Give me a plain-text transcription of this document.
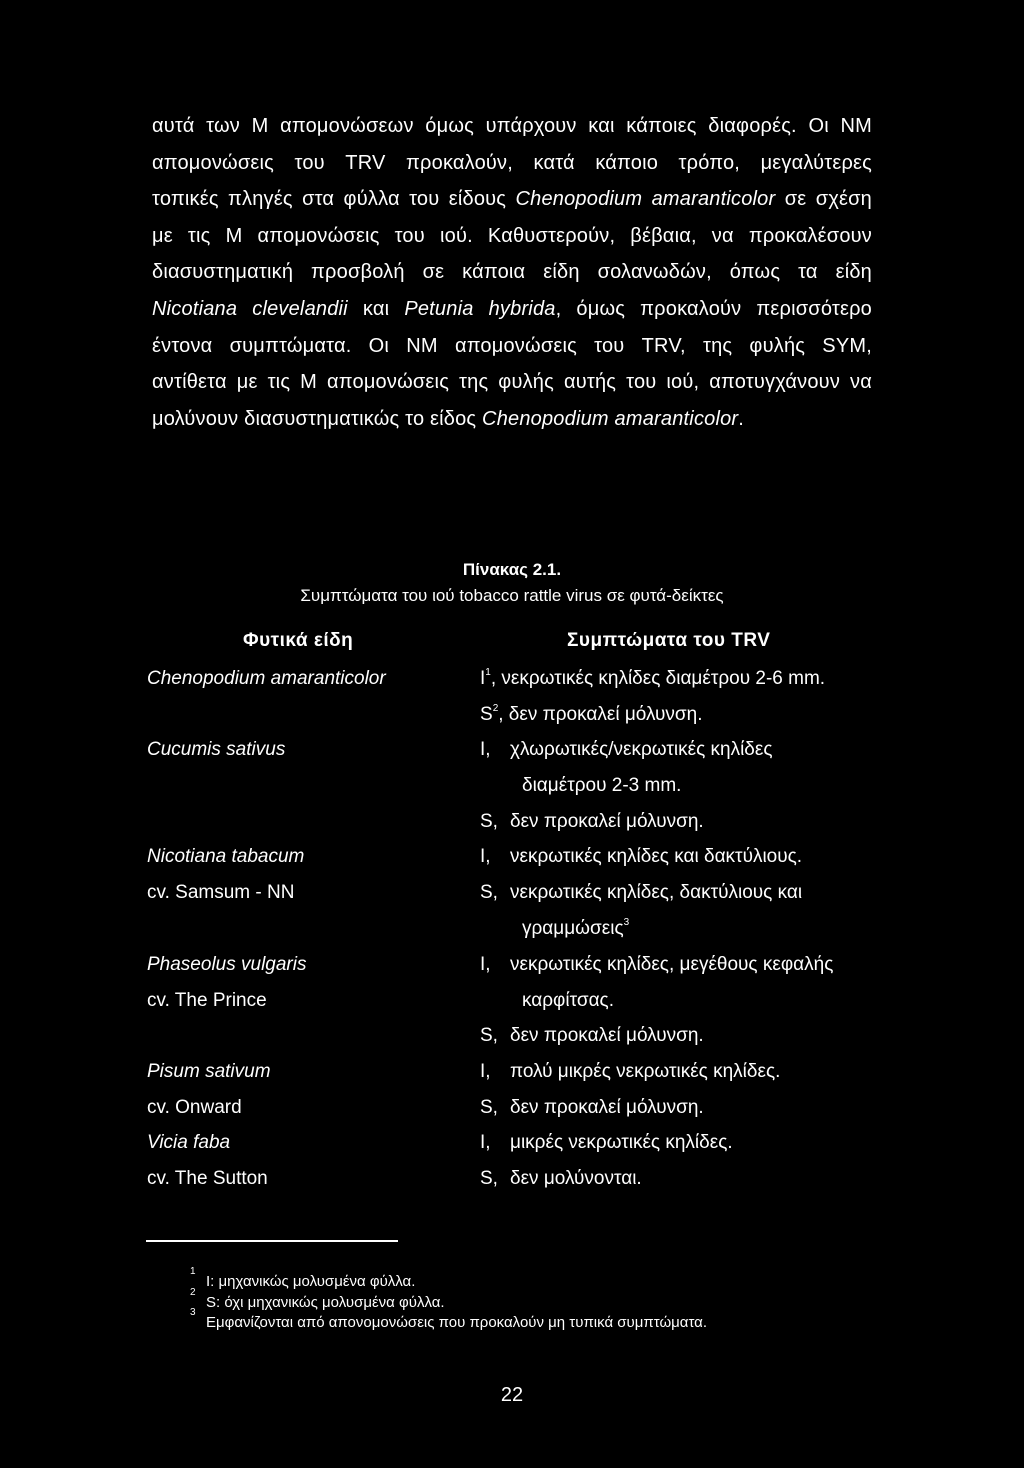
αυτά των M απομονώσεων όμως υπάρχουν και κάποιες διαφορές. Οι NM
απομονώσεις του TRV προκαλούν, κατά κάποιο τρόπο, μεγαλύτερες
τοπικές πληγές στα φύλλα του είδους Chenopodium amaranticolor σε σχέση
με τις M απομονώσεις του ιού. Καθυστερούν, βέβαια, να προκαλέσουν
διασυστηματική προσβολή σε κάποια είδη σολανωδών, όπως τα είδη
Nicotiana clevelandii και Petunia hybrida, όμως προκαλούν περισσότερο
έντονα συμπτώματα. Οι NM απομονώσεις του TRV, της φυλής SYM,
αντίθετα με τις M απομονώσεις της φυλής αυτής του ιού, αποτυγχάνουν να
μολύνουν διασυστηματικώς το είδος Chenopodium amaranticolor.
Πίνακας 2.1.
Συμπτώματα του ιού tobacco rattle virus σε φυτά-δείκτες
Φυτικά είδη	Συμπτώματα του TRV
Chenopodium amaranticolor
Cucumis sativus
Nicotiana tabacum
cv. Samsum - NN
Phaseolus vulgaris
cv. The Prince
Pisum sativum
cv. Onward
Vicia faba
cv. The Sutton
I$^1$, νεκρωτικές κηλίδες διαμέτρου 2-6 mm.
S$^2$, δεν προκαλεί μόλυνση.
I, χλωρωτικές/νεκρωτικές κηλίδες
διαμέτρου 2-3 mm.
S, δεν προκαλεί μόλυνση.
I, νεκρωτικές κηλίδες και δακτύλιους.
S, νεκρωτικές κηλίδες, δακτύλιους και
γραμμώσεις$^3$
I, νεκρωτικές κηλίδες, μεγέθους κεφαλής
καρφίτσας.
S, δεν προκαλεί μόλυνση.
I, πολύ μικρές νεκρωτικές κηλίδες.
S, δεν προκαλεί μόλυνση.
I, μικρές νεκρωτικές κηλίδες.
S, δεν μολύνονται.
1
I: μηχανικώς μολυσμένα φύλλα.
2
S: όχι μηχανικώς μολυσμένα φύλλα.
3
Εμφανίζονται από απονομονώσεις που προκαλούν μη τυπικά συμπτώματα.
22
